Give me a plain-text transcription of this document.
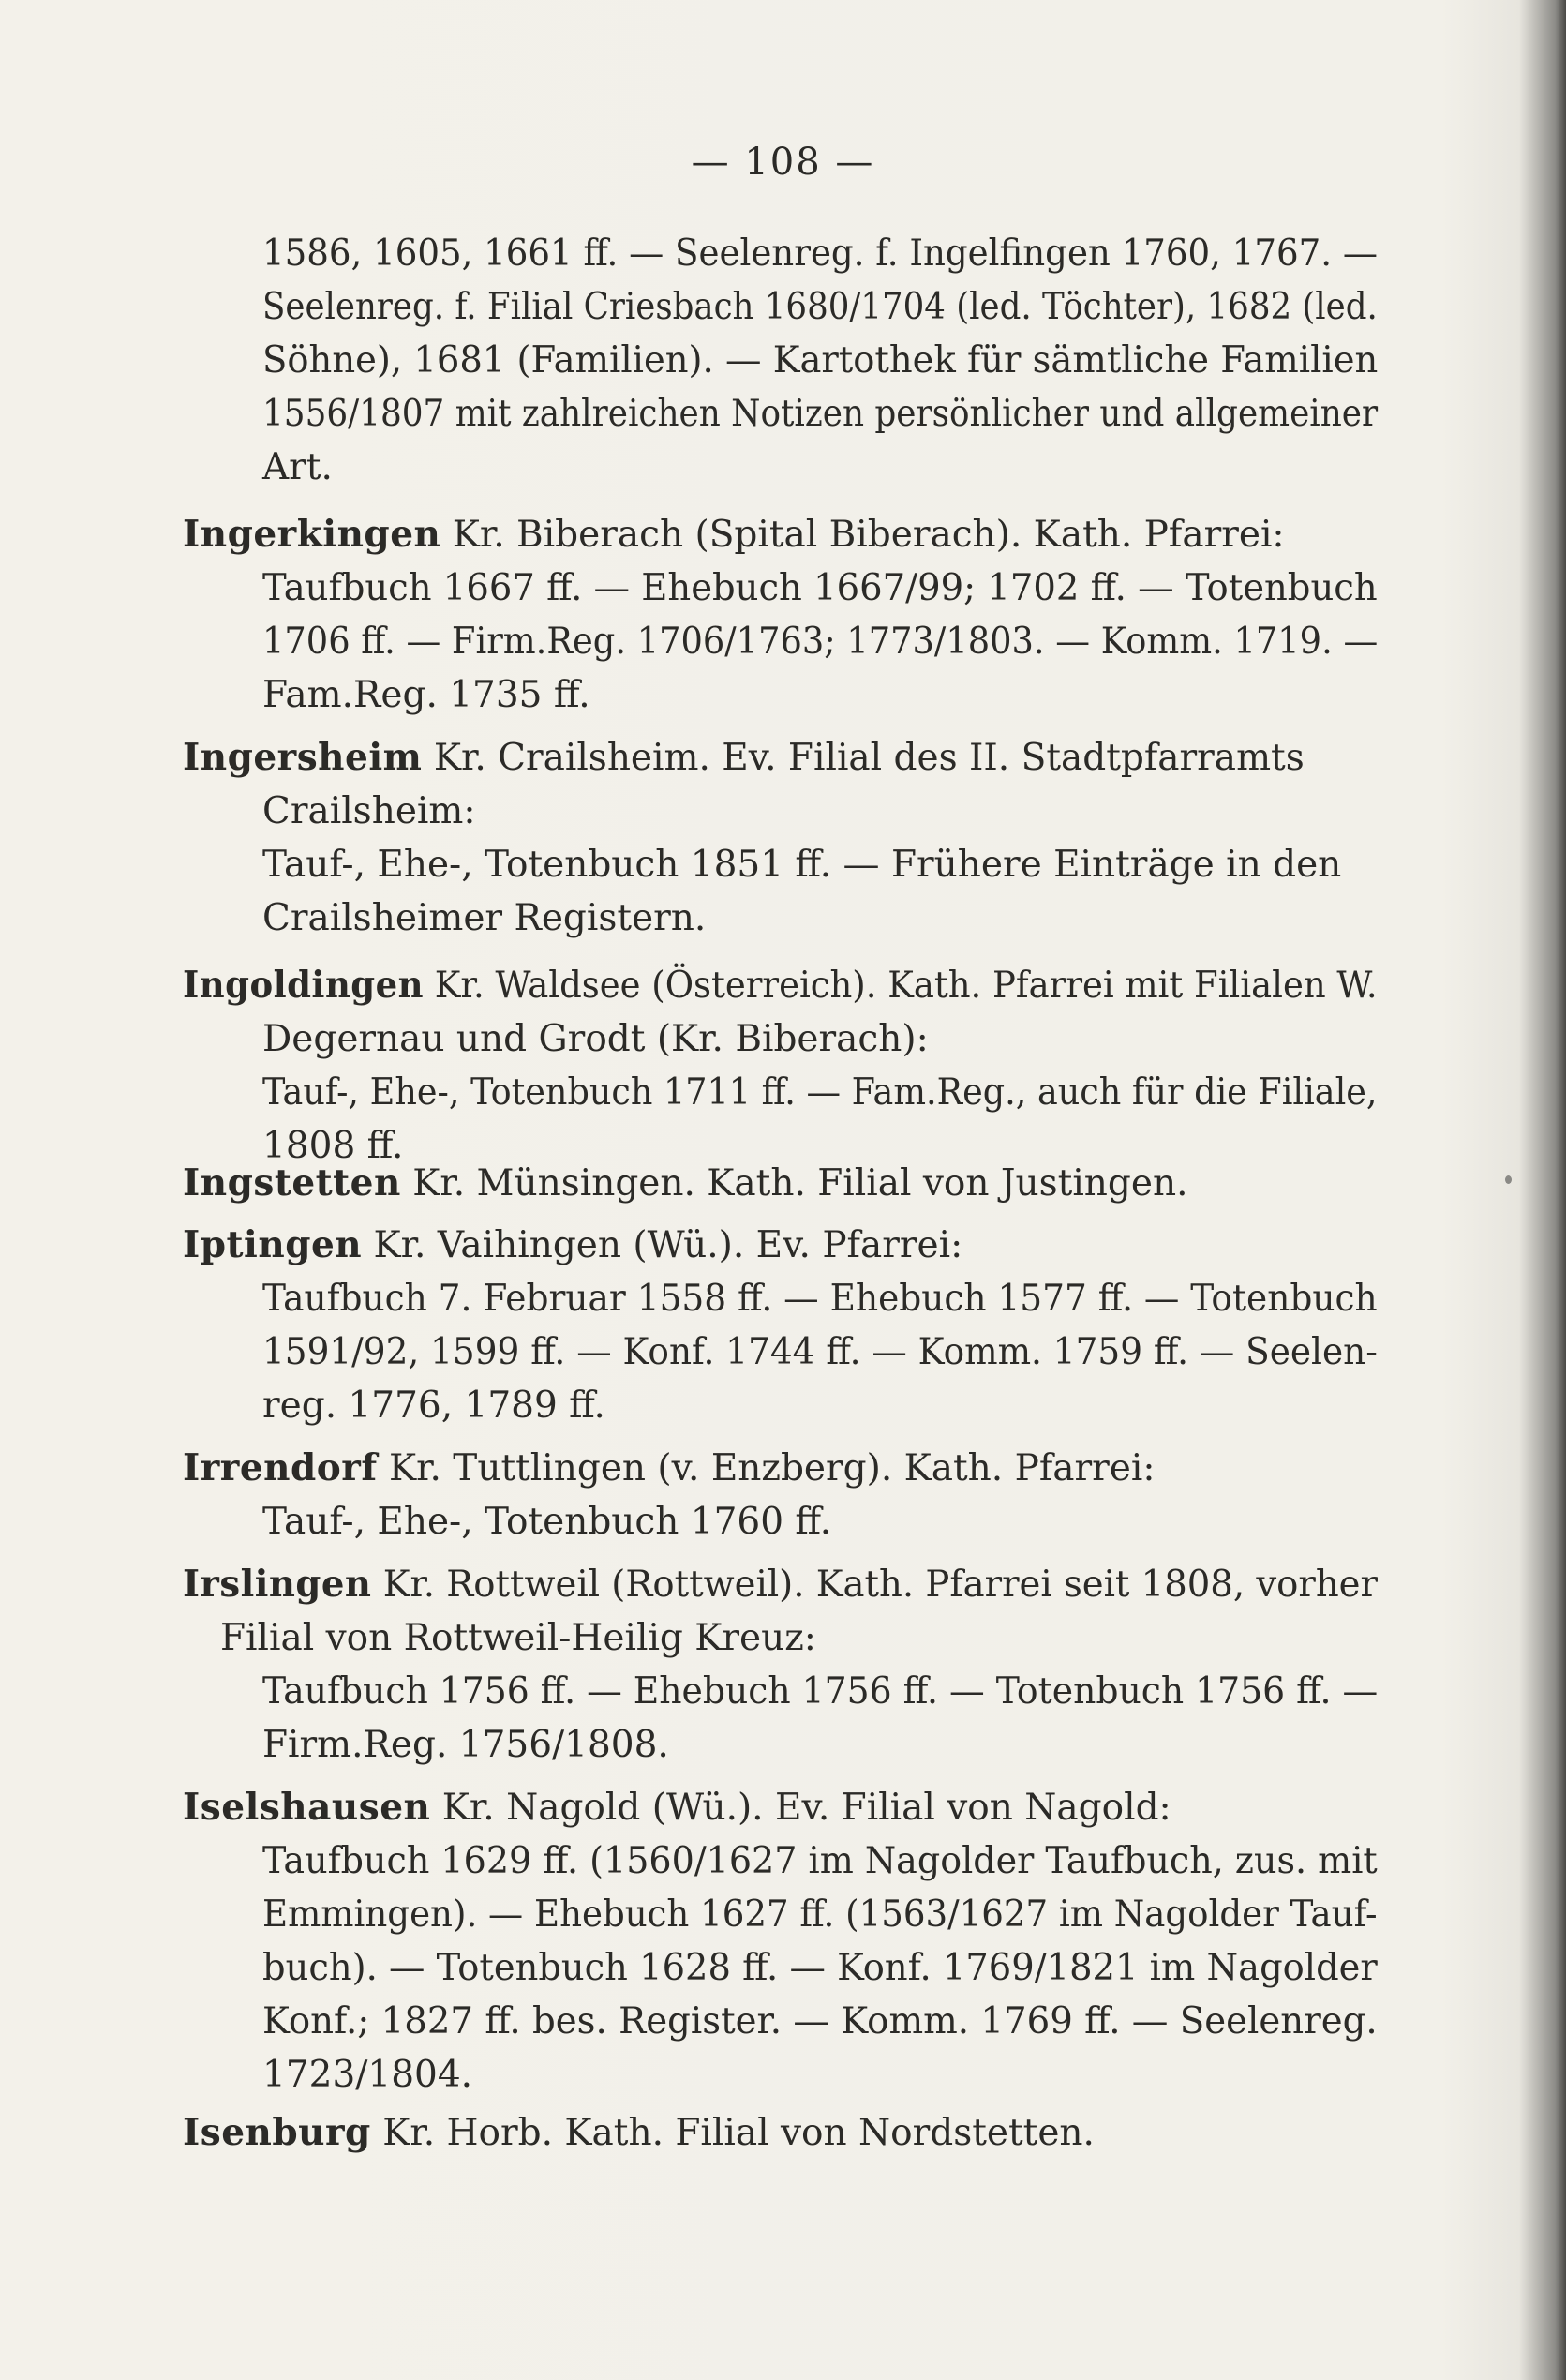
— 108 —
1586, 1605, 1661 ff. — Seelenreg. f. Ingelfingen 1760, 1767. —
Seelenreg. f. Filial Criesbach 1680/1704 (led. Töchter), 1682 (led.
Söhne), 1681 (Familien). — Kartothek für sämtliche Familien
1556/1807 mit zahlreichen Notizen persönlicher und allgemeiner
Art.
Ingerkingen Kr. Biberach (Spital Biberach). Kath. Pfarrei:
Taufbuch 1667 ff. — Ehebuch 1667/99; 1702 ff. — Totenbuch
1706 ff. — Firm.Reg. 1706/1763; 1773/1803. — Komm. 1719. —
Fam.Reg. 1735 ff.
Ingersheim Kr. Crailsheim. Ev. Filial des II. Stadtpfarramts
Crailsheim:
Tauf-, Ehe-, Totenbuch 1851 ff. — Frühere Einträge in den
Crailsheimer Registern.
Ingoldingen Kr. Waldsee (Österreich). Kath. Pfarrei mit Filialen W.
Degernau und Grodt (Kr. Biberach):
Tauf-, Ehe-, Totenbuch 1711 ff. — Fam.Reg., auch für die Filiale,
1808 ff.
Ingstetten Kr. Münsingen. Kath. Filial von Justingen.
Iptingen Kr. Vaihingen (Wü.). Ev. Pfarrei:
Taufbuch 7. Februar 1558 ff. — Ehebuch 1577 ff. — Totenbuch
1591/92, 1599 ff. — Konf. 1744 ff. — Komm. 1759 ff. — Seelen-
reg. 1776, 1789 ff.
Irrendorf Kr. Tuttlingen (v. Enzberg). Kath. Pfarrei:
Tauf-, Ehe-, Totenbuch 1760 ff.
Irslingen Kr. Rottweil (Rottweil). Kath. Pfarrei seit 1808, vorher
Filial von Rottweil-Heilig Kreuz:
Taufbuch 1756 ff. — Ehebuch 1756 ff. — Totenbuch 1756 ff. —
Firm.Reg. 1756/1808.
Iselshausen Kr. Nagold (Wü.). Ev. Filial von Nagold:
Taufbuch 1629 ff. (1560/1627 im Nagolder Taufbuch, zus. mit
Emmingen). — Ehebuch 1627 ff. (1563/1627 im Nagolder Tauf-
buch). — Totenbuch 1628 ff. — Konf. 1769/1821 im Nagolder
Konf.; 1827 ff. bes. Register. — Komm. 1769 ff. — Seelenreg.
1723/1804.
Isenburg Kr. Horb. Kath. Filial von Nordstetten.
